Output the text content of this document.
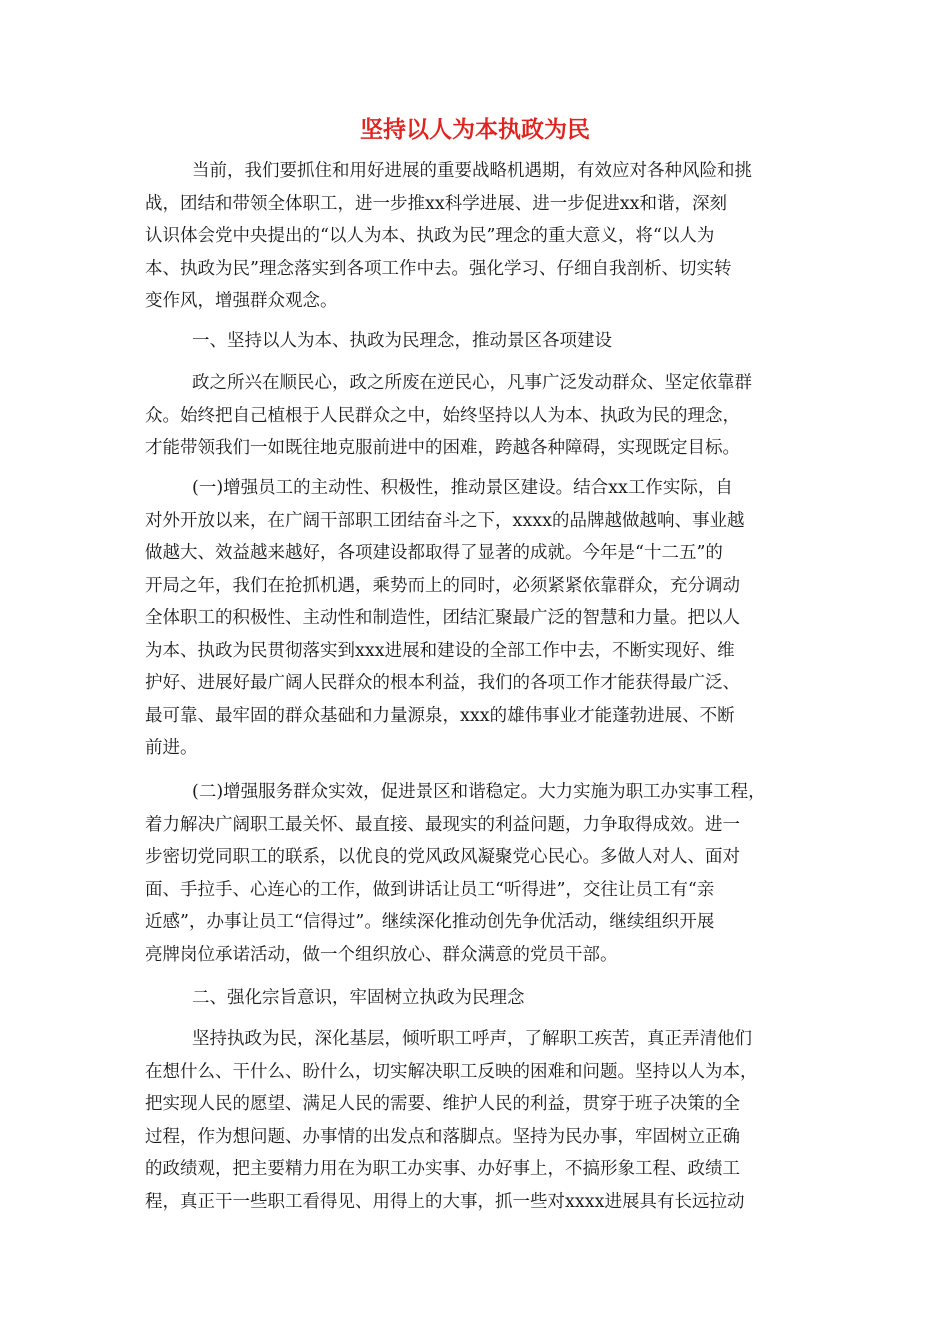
坚持以人为本执政为民
当前，我们要抓住和用好进展的重要战略机遇期，有效应对各种风险和挑
战，团结和带领全体职工，进一步推xx科学进展、进一步促进xx和谐，深刻
认识体会党中央提出的“以人为本、执政为民”理念的重大意义，将“以人为
本、执政为民”理念落实到各项工作中去。强化学习、仔细自我剖析、切实转
变作风，增强群众观念。
一、坚持以人为本、执政为民理念，推动景区各项建设
政之所兴在顺民心，政之所废在逆民心，凡事广泛发动群众、坚定依靠群
众。始终把自己植根于人民群众之中，始终坚持以人为本、执政为民的理念，
才能带领我们一如既往地克服前进中的困难，跨越各种障碍，实现既定目标。
(一)增强员工的主动性、积极性，推动景区建设。结合xx工作实际，自
对外开放以来，在广阔干部职工团结奋斗之下，xxxx的品牌越做越响、事业越
做越大、效益越来越好，各项建设都取得了显著的成就。今年是“十二五”的
开局之年，我们在抢抓机遇，乘势而上的同时，必须紧紧依靠群众，充分调动
全体职工的积极性、主动性和制造性，团结汇聚最广泛的智慧和力量。把以人
为本、执政为民贯彻落实到xxx进展和建设的全部工作中去，不断实现好、维
护好、进展好最广阔人民群众的根本利益，我们的各项工作才能获得最广泛、
最可靠、最牢固的群众基础和力量源泉，xxx的雄伟事业才能蓬勃进展、不断
前进。
(二)增强服务群众实效，促进景区和谐稳定。大力实施为职工办实事工程，
着力解决广阔职工最关怀、最直接、最现实的利益问题，力争取得成效。进一
步密切党同职工的联系，以优良的党风政风凝聚党心民心。多做人对人、面对
面、手拉手、心连心的工作，做到讲话让员工“听得进”，交往让员工有“亲
近感”，办事让员工“信得过”。继续深化推动创先争优活动，继续组织开展
亮牌岗位承诺活动，做一个组织放心、群众满意的党员干部。
二、强化宗旨意识，牢固树立执政为民理念
坚持执政为民，深化基层，倾听职工呼声，了解职工疾苦，真正弄清他们
在想什么、干什么、盼什么，切实解决职工反映的困难和问题。坚持以人为本，
把实现人民的愿望、满足人民的需要、维护人民的利益，贯穿于班子决策的全
过程，作为想问题、办事情的出发点和落脚点。坚持为民办事，牢固树立正确
的政绩观，把主要精力用在为职工办实事、办好事上，不搞形象工程、政绩工
程，真正干一些职工看得见、用得上的大事，抓一些对xxxx进展具有长远拉动
